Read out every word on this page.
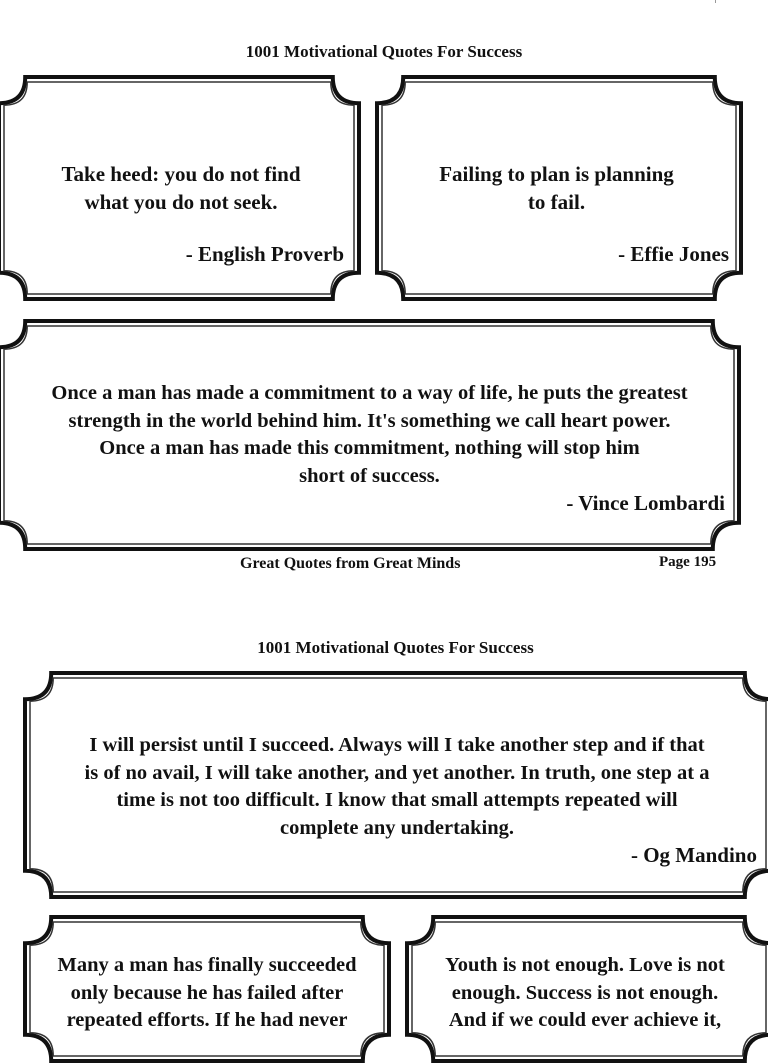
1001 Motivational Quotes For Success
Take heed: you do not find
what you do not seek.
- English Proverb
Failing to plan is planning
to fail.
- Effie Jones
Once a man has made a commitment to a way of life, he puts the greatest
strength in the world behind him. It's something we call heart power.
Once a man has made this commitment, nothing will stop him
short of success.
- Vince Lombardi
Great Quotes from Great Minds	Page 195
1001 Motivational Quotes For Success
I will persist until I succeed. Always will I take another step and if that
is of no avail, I will take another, and yet another. In truth, one step at a
time is not too difficult. I know that small attempts repeated will
complete any undertaking.
- Og Mandino
Many a man has finally succeeded
only because he has failed after
repeated efforts. If he had never
Youth is not enough. Love is not
enough. Success is not enough.
And if we could ever achieve it,
